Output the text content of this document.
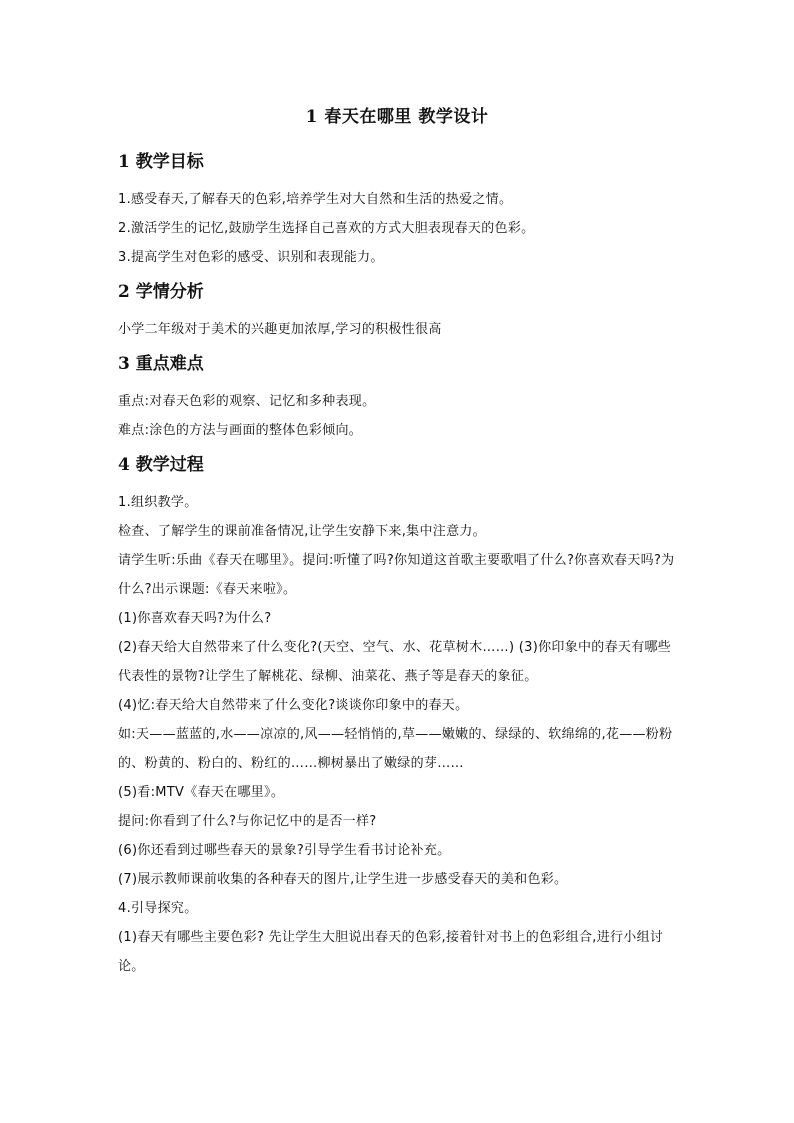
1 春天在哪里 教学设计
1 教学目标

1.感受春天,了解春天的色彩,培养学生对大自然和生活的热爱之情。

2.激活学生的记忆,鼓励学生选择自己喜欢的方式大胆表现春天的色彩。

3.提高学生对色彩的感受、识别和表现能力。

2 学情分析

小学二年级对于美术的兴趣更加浓厚,学习的积极性很高

3 重点难点

重点:对春天色彩的观察、记忆和多种表现。

难点:涂色的方法与画面的整体色彩倾向。

4 教学过程

1.组织教学。

检查、了解学生的课前准备情况,让学生安静下来,集中注意力。

请学生听:乐曲《春天在哪里》。提问:听懂了吗?你知道这首歌主要歌唱了什么?你喜欢春天吗?为什么?出示课题:《春天来啦》。

(1)你喜欢春天吗?为什么?

(2)春天给大自然带来了什么变化?(天空、空气、水、花草树木……) (3)你印象中的春天有哪些代表性的景物?让学生了解桃花、绿柳、油菜花、燕子等是春天的象征。

(4)忆:春天给大自然带来了什么变化?谈谈你印象中的春天。

如:天——蓝蓝的,水——凉凉的,风——轻悄悄的,草——嫩嫩的、绿绿的、软绵绵的,花——粉粉的、粉黄的、粉白的、粉红的……柳树暴出了嫩绿的芽……

(5)看:MTV《春天在哪里》。

提问:你看到了什么?与你记忆中的是否一样?

(6)你还看到过哪些春天的景象?引导学生看书讨论补充。

(7)展示教师课前收集的各种春天的图片,让学生进一步感受春天的美和色彩。

4.引导探究。

(1)春天有哪些主要色彩? 先让学生大胆说出春天的色彩,接着针对书上的色彩组合,进行小组讨论。
